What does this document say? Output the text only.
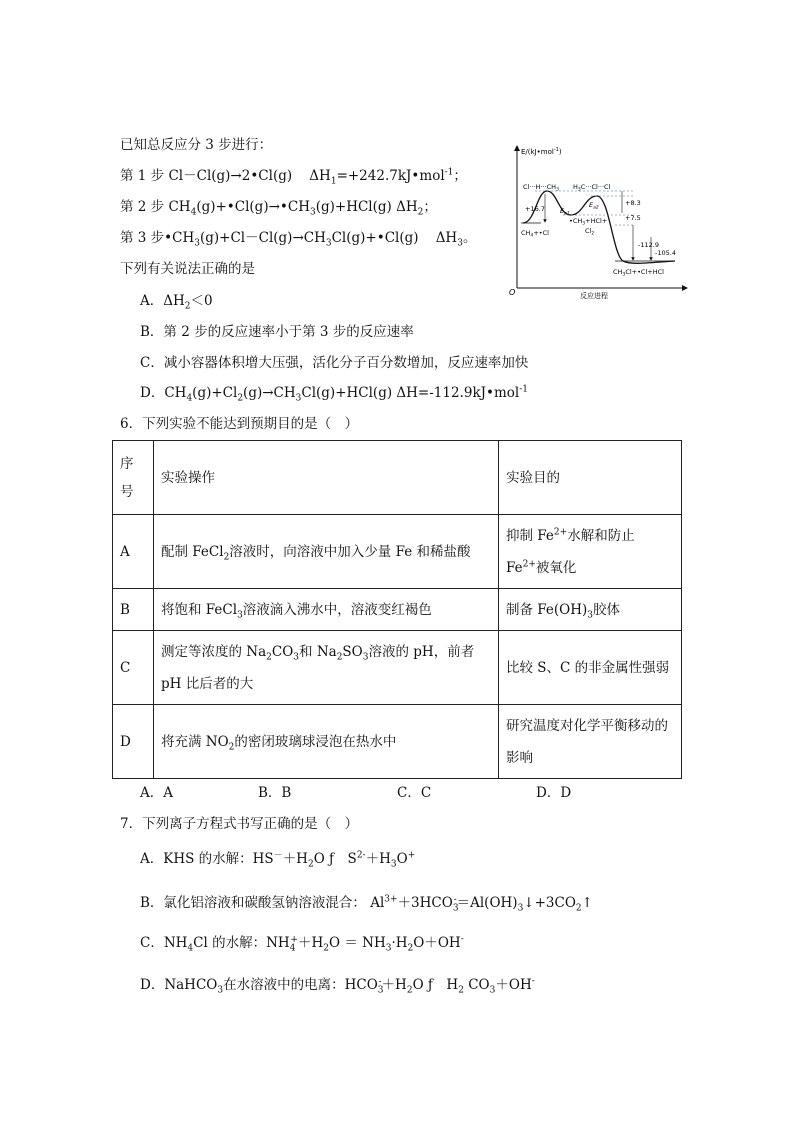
已知总反应分 3 步进行：
第 1 步 Cl－Cl(g)→2•Cl(g) $\Delta H_1=+242.7kJ•mol^{-1}$；
第 2 步 $CH_4(g)+•Cl(g)\to•CH_3(g)+HCl(g)$ $\Delta H_2$；
第 3 步$•CH_3(g)+Cl-Cl(g)\to CH_3Cl(g)+•Cl(g)$ $\Delta H_3$。
下列有关说法正确的是
A．$\Delta H_2<0$
B．第 2 步的反应速率小于第 3 步的反应速率
C．减小容器体积增大压强，活化分子百分数增加，反应速率加快
D．$CH_4(g)+Cl_2(g)\to CH_3Cl(g)+HCl(g)$ ΔH=-112.9kJ•mol$^{-1}$
E/(kJ•mol$^{-1}$)
O	反应进程
$Cl\cdot\cdot\cdot H\cdot\cdot\cdot CH_3$ $H_3C\cdot\cdot\cdot Cl\cdot\cdot\cdot Cl$
+16.7
+8.3
+7.5
-112.9
-105.4
$E_{a1}$
$E_{a2}$
$•CH_3+HCl+$
$Cl_2$
$CH_4+•Cl$
$CH_3Cl+•Cl+HCl$
6．下列实验不能达到预期目的是（　）
序
号	实验操作	实验目的
A	配制 FeCl$_2$溶液时，向溶液中加入少量 Fe 和稀盐酸	抑制 $Fe^{2+}$水解和防止 $Fe^{2+}$被氧化
B	将饱和 FeCl$_3$溶液滴入沸水中，溶液变红褐色	制备 $Fe(OH)_3$胶体
C	测定等浓度的 $Na_2CO_3$和 $Na_2SO_3$溶液的 pH，前者 pH 比后者的大	比较 S、C 的非金属性强弱
D	将充满 $NO_2$的密闭玻璃球浸泡在热水中	研究温度对化学平衡移动的影响
A．A	B．B	C．C	D．D
7．下列离子方程式书写正确的是（　）
A．KHS 的水解：$HS^-+H_2O$ ƒ　$S^{2-}+H_3O^+$
B．氯化铝溶液和碳酸氢钠溶液混合： $Al^{3+}+3HCO_3^-=Al(OH)_3↓+3CO_2↑$
C．$NH_4Cl$ 的水解：$NH_4^++H_2O = NH_3\cdot H_2O+OH^-$
D．NaHCO$_3$在水溶液中的电离：$HCO_3^-+H_2O$ ƒ　$H_2$ $CO_3+OH^-$
